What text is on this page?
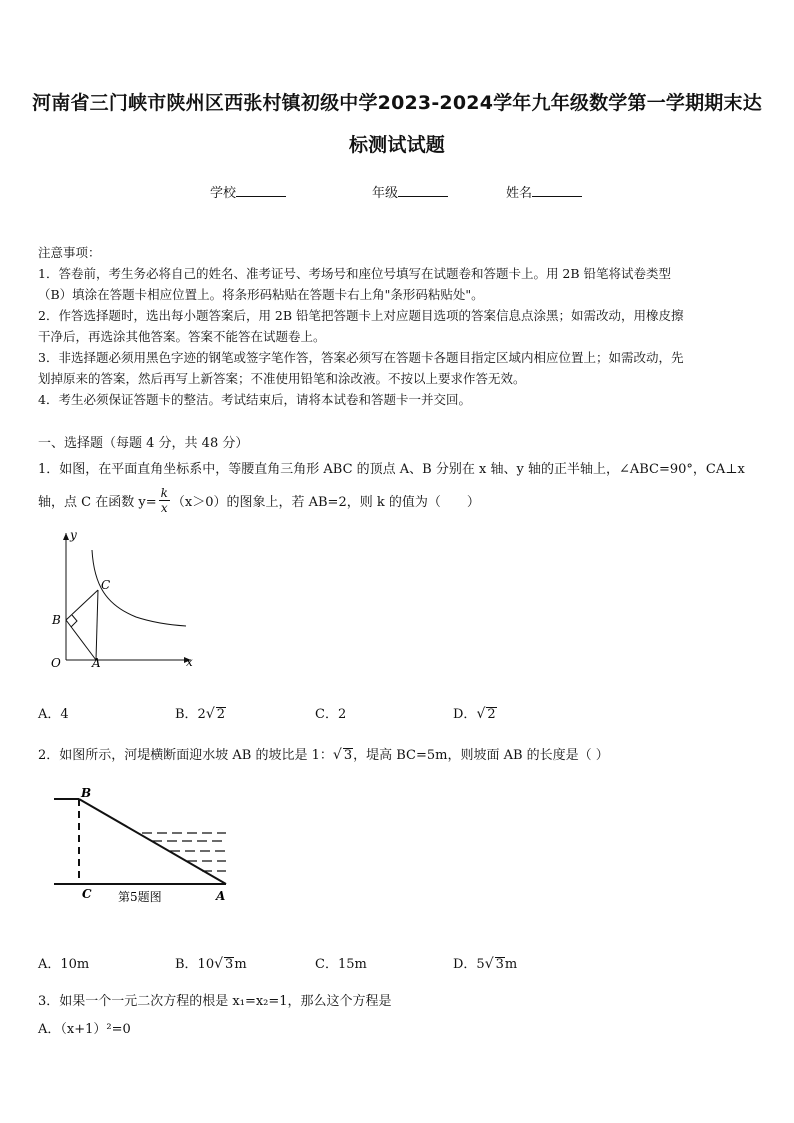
河南省三门峡市陕州区西张村镇初级中学2023-2024学年九年级数学第一学期期末达
标测试试题
学校	年级	姓名

注意事项：

1．答卷前，考生务必将自己的姓名、准考证号、考场号和座位号填写在试题卷和答题卡上。用 2B 铅笔将试卷类型

（B）填涂在答题卡相应位置上。将条形码粘贴在答题卡右上角"条形码粘贴处"。

2．作答选择题时，选出每小题答案后，用 2B 铅笔把答题卡上对应题目选项的答案信息点涂黑；如需改动，用橡皮擦

干净后，再选涂其他答案。答案不能答在试题卷上。

3．非选择题必须用黑色字迹的钢笔或签字笔作答，答案必须写在答题卡各题目指定区域内相应位置上；如需改动，先

划掉原来的答案，然后再写上新答案；不准使用铅笔和涂改液。不按以上要求作答无效。

4．考生必须保证答题卡的整洁。考试结束后，请将本试卷和答题卡一并交回。

一、选择题（每题 4 分，共 48 分）
1．如图，在平面直角坐标系中，等腰直角三角形 ABC 的顶点 A、B 分别在 x 轴、y 轴的正半轴上，∠ABC=90°，CA⊥x
轴，点 C 在函数 $y= \frac{k}{x} (x>0)$的图象上，若 AB=2，则 k 的值为（　　）
y
x
O	A
B
C
A．4	B．2√ 2	C．2	D．√ 2
2．如图所示，河堤横断面迎水坡 AB 的坡比是 1：√ 3，堤高 BC=5m，则坡面 AB 的长度是（ ）
B
C	A
第5题图
A．10m	B．10√ 3m	C．15m	D．5√ 3m
3．如果一个一元二次方程的根是 x₁=x₂=1，那么这个方程是
A．（x+1）²=0
